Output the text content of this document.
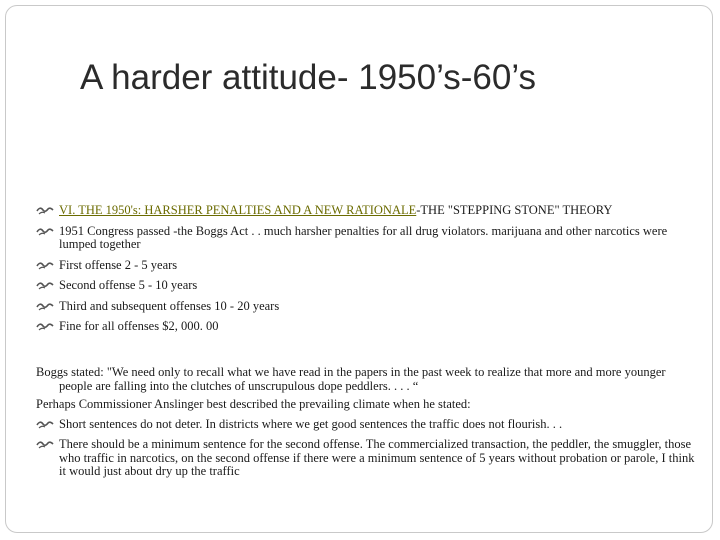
A harder attitude- 1950’s-60’s
VI. THE 1950's: HARSHER PENALTIES AND A NEW RATIONALE-THE "STEPPING STONE" THEORY
1951 Congress passed -the Boggs Act . . much harsher penalties for all drug violators. marijuana and other narcotics were lumped together
First offense 2 - 5 years
Second offense 5 - 10 years
Third and subsequent offenses 10 - 20 years
Fine for all offenses $2, 000. 00
Boggs stated: "We need only to recall what we have read in the papers in the past week to realize that more and more younger people are falling into the clutches of unscrupulous dope peddlers. . . . “
Perhaps Commissioner Anslinger best described the prevailing climate when he stated:
Short sentences do not deter. In districts where we get good sentences the traffic does not flourish. . .
There should be a minimum sentence for the second offense. The commercialized transaction, the peddler, the smuggler, those who traffic in narcotics, on the second offense if there were a minimum sentence of 5 years without probation or parole, I think it would just about dry up the traffic
